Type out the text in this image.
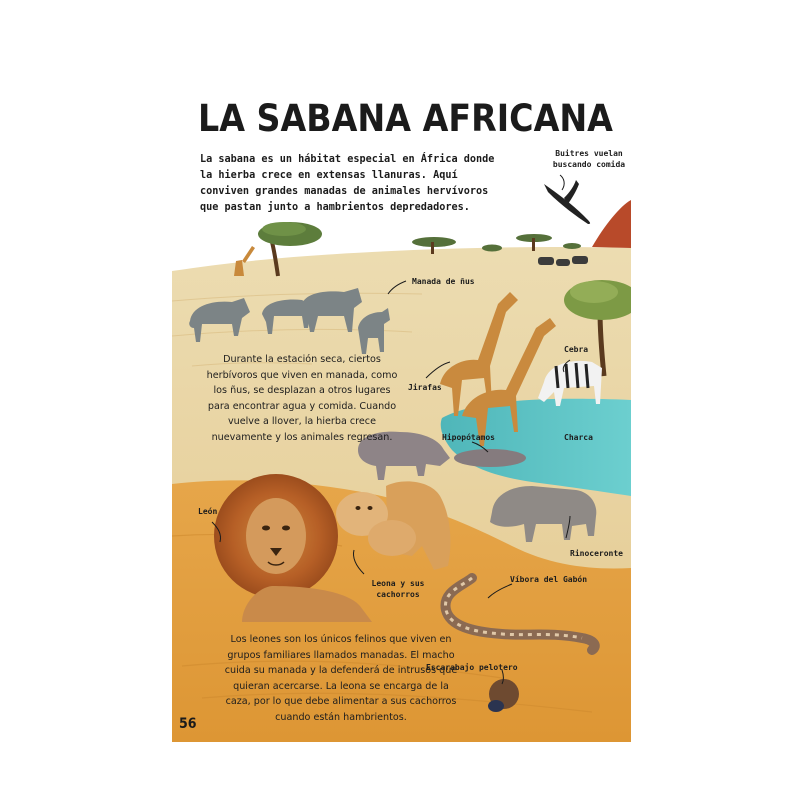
LA SABANA AFRICANA

La sabana es un hábitat especial en África donde la hierba crece en extensas llanuras. Aquí conviven grandes manadas de animales hervívoros que pastan junto a hambrientos depredadores.

Durante la estación seca, ciertos herbívoros que viven en manada, como los ñus, se desplazan a otros lugares para encontrar agua y comida. Cuando vuelve a llover, la hierba crece nuevamente y los animales regresan.

Los leones son los únicos felinos que viven en grupos familiares llamados manadas. El macho cuida su manada y la defenderá de intrusos que quieran acercarse. La leona se encarga de la caza, por lo que debe alimentar a sus cachorros cuando están hambrientos.

Buitres vuelan buscando comida

Manada de ñus

Cebra

Jirafas

Hipopótamos	Charca

León

Leona y sus cachorros

Rinoceronte

Víbora del Gabón

Escarabajo pelotero

56
